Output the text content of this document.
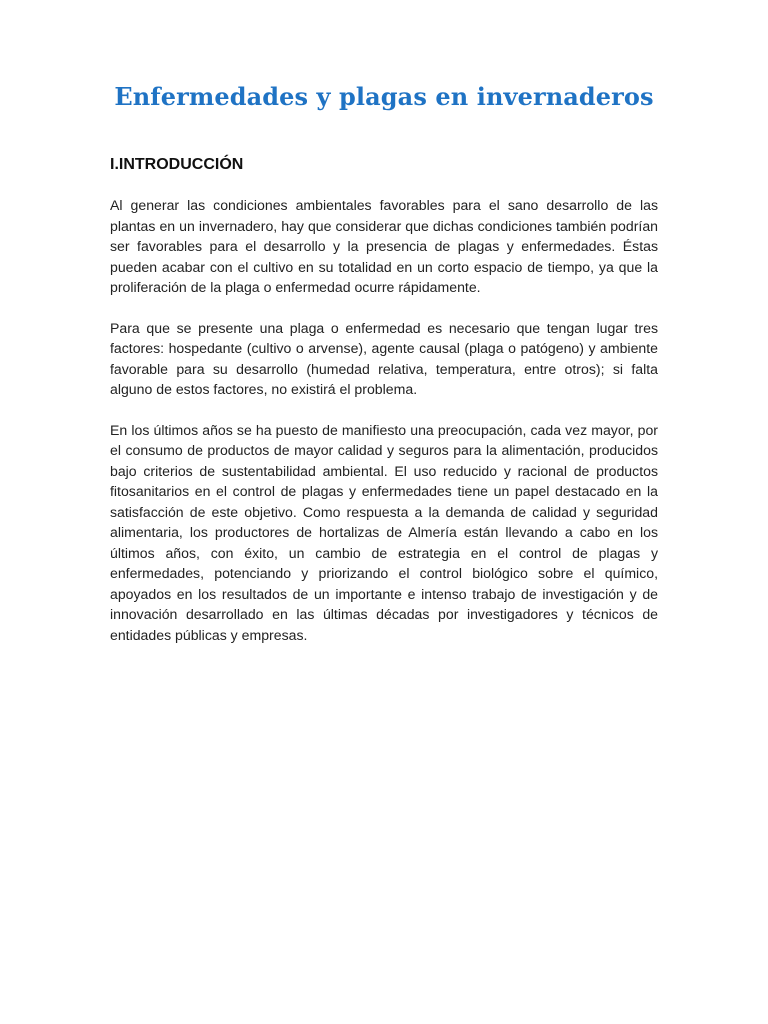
Enfermedades y plagas en invernaderos
I.INTRODUCCIÓN

Al generar las condiciones ambientales favorables para el sano desarrollo de las plantas en un invernadero, hay que considerar que dichas condiciones también podrían ser favorables para el desarrollo y la presencia de plagas y enfermedades. Éstas pueden acabar con el cultivo en su totalidad en un corto espacio de tiempo, ya que la proliferación de la plaga o enfermedad ocurre rápidamente.

Para que se presente una plaga o enfermedad es necesario que tengan lugar tres factores: hospedante (cultivo o arvense), agente causal (plaga o patógeno) y ambiente favorable para su desarrollo (humedad relativa, temperatura, entre otros); si falta alguno de estos factores, no existirá el problema.

En los últimos años se ha puesto de manifiesto una preocupación, cada vez mayor, por el consumo de productos de mayor calidad y seguros para la alimentación, producidos bajo criterios de sustentabilidad ambiental. El uso reducido y racional de productos fitosanitarios en el control de plagas y enfermedades tiene un papel destacado en la satisfacción de este objetivo. Como respuesta a la demanda de calidad y seguridad alimentaria, los productores de hortalizas de Almería están llevando a cabo en los últimos años, con éxito, un cambio de estrategia en el control de plagas y enfermedades, potenciando y priorizando el control biológico sobre el químico, apoyados en los resultados de un importante e intenso trabajo de investigación y de innovación desarrollado en las últimas décadas por investigadores y técnicos de entidades públicas y empresas.
